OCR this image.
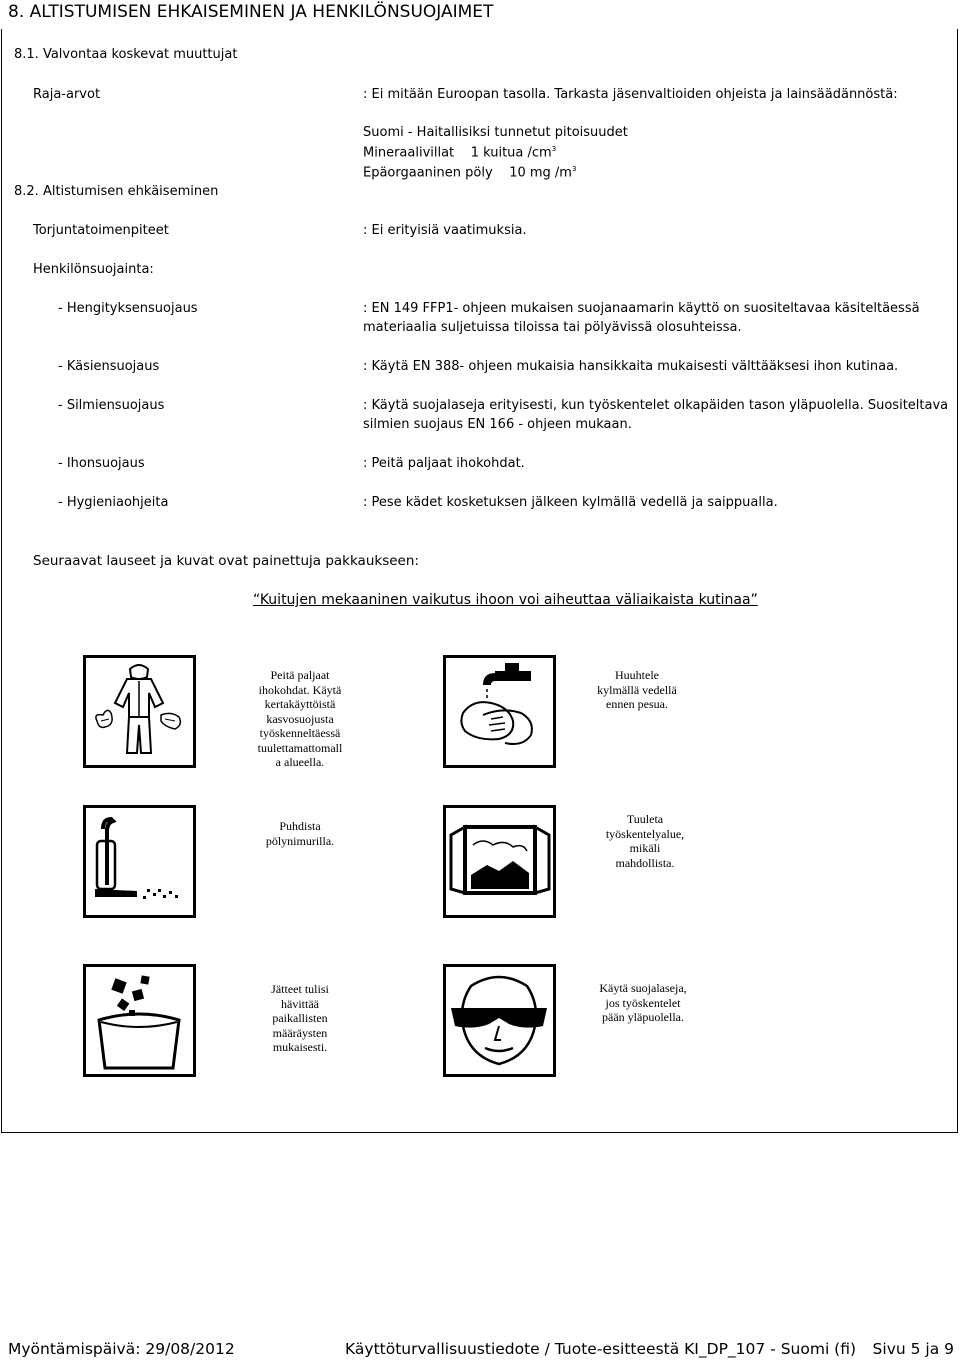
8. ALTISTUMISEN EHKAISEMINEN JA HENKILÖNSUOJAIMET
8.1. Valvontaa koskevat muuttujat
Raja-arvot	: Ei mitään Euroopan tasolla. Tarkasta jäsenvaltioiden ohjeista ja lainsäädännöstä:
Suomi - Haitallisiksi tunnetut pitoisuudet
Mineraalivillat 1 kuitua $/cm^3$
Epäorgaaninen pöly 10 mg $/m^3$
8.2. Altistumisen ehkäiseminen
Torjuntatoimenpiteet	: Ei erityisiä vaatimuksia.
Henkilönsuojainta:
- Hengityksensuojaus	: EN 149 FFP1- ohjeen mukaisen suojanaamarin käyttö on suositeltavaa käsiteltäessä
materiaalia suljetuissa tiloissa tai pölyävissä olosuhteissa.
- Käsiensuojaus	: Käytä EN 388- ohjeen mukaisia hansikkaita mukaisesti välttääksesi ihon kutinaa.
- Silmiensuojaus	: Käytä suojalaseja erityisesti, kun työskentelet olkapäiden tason yläpuolella. Suositeltava
silmien suojaus EN 166 - ohjeen mukaan.
- Ihonsuojaus	: Peitä paljaat ihokohdat.
- Hygieniaohjeita	: Pese kädet kosketuksen jälkeen kylmällä vedellä ja saippualla.
Seuraavat lauseet ja kuvat ovat painettuja pakkaukseen:
“Kuitujen mekaaninen vaikutus ihoon voi aiheuttaa väliaikaista kutinaa”
Peitä paljaat
ihokohdat. Käytä
kertakäyttöistä
kasvosuojusta
työskenneltäessä
tuulettamattomall
a alueella.
Huuhtele
kylmällä vedellä
ennen pesua.
Puhdista
pölynimurilla.
Tuuleta
työskentelyalue,
mikäli
mahdollista.
Jätteet tulisi
hävittää
paikallisten
määräysten
mukaisesti.
Käytä suojalaseja,
jos työskentelet
pään yläpuolella.
Myöntämispäivä: 29/08/2012	Käyttöturvallisuustiedote / Tuote-esitteestä KI_DP_107 - Suomi (fi) Sivu 5 ja 9
